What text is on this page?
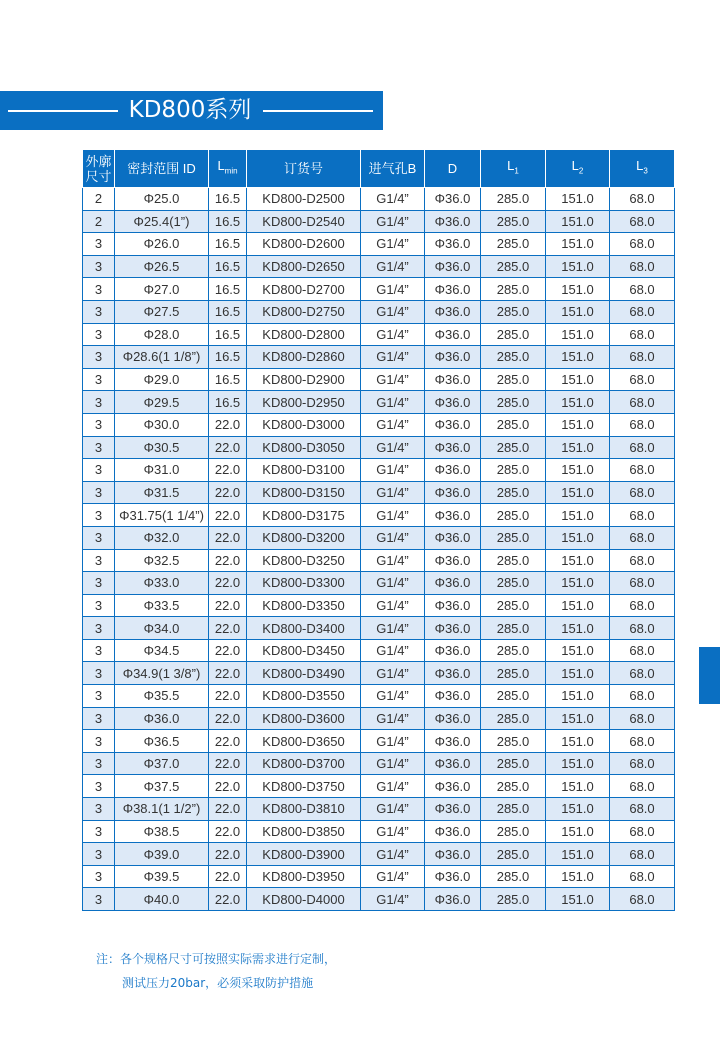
KD800系列
外廓尺寸	密封范围 ID	$L_{min}$	订货号	进气孔B	D	$L_1$	$L_2$	$L_3$
2	Φ25.0	16.5	KD800-D2500	G1/4”	Φ36.0	285.0	151.0	68.0
2	Φ25.4(1”)	16.5	KD800-D2540	G1/4”	Φ36.0	285.0	151.0	68.0
3	Φ26.0	16.5	KD800-D2600	G1/4”	Φ36.0	285.0	151.0	68.0
3	Φ26.5	16.5	KD800-D2650	G1/4”	Φ36.0	285.0	151.0	68.0
3	Φ27.0	16.5	KD800-D2700	G1/4”	Φ36.0	285.0	151.0	68.0
3	Φ27.5	16.5	KD800-D2750	G1/4”	Φ36.0	285.0	151.0	68.0
3	Φ28.0	16.5	KD800-D2800	G1/4”	Φ36.0	285.0	151.0	68.0
3	Φ28.6(1 1/8”)	16.5	KD800-D2860	G1/4”	Φ36.0	285.0	151.0	68.0
3	Φ29.0	16.5	KD800-D2900	G1/4”	Φ36.0	285.0	151.0	68.0
3	Φ29.5	16.5	KD800-D2950	G1/4”	Φ36.0	285.0	151.0	68.0
3	Φ30.0	22.0	KD800-D3000	G1/4”	Φ36.0	285.0	151.0	68.0
3	Φ30.5	22.0	KD800-D3050	G1/4”	Φ36.0	285.0	151.0	68.0
3	Φ31.0	22.0	KD800-D3100	G1/4”	Φ36.0	285.0	151.0	68.0
3	Φ31.5	22.0	KD800-D3150	G1/4”	Φ36.0	285.0	151.0	68.0
3	Φ31.75(1 1/4”)	22.0	KD800-D3175	G1/4”	Φ36.0	285.0	151.0	68.0
3	Φ32.0	22.0	KD800-D3200	G1/4”	Φ36.0	285.0	151.0	68.0
3	Φ32.5	22.0	KD800-D3250	G1/4”	Φ36.0	285.0	151.0	68.0
3	Φ33.0	22.0	KD800-D3300	G1/4”	Φ36.0	285.0	151.0	68.0
3	Φ33.5	22.0	KD800-D3350	G1/4”	Φ36.0	285.0	151.0	68.0
3	Φ34.0	22.0	KD800-D3400	G1/4”	Φ36.0	285.0	151.0	68.0
3	Φ34.5	22.0	KD800-D3450	G1/4”	Φ36.0	285.0	151.0	68.0
3	Φ34.9(1 3/8”)	22.0	KD800-D3490	G1/4”	Φ36.0	285.0	151.0	68.0
3	Φ35.5	22.0	KD800-D3550	G1/4”	Φ36.0	285.0	151.0	68.0
3	Φ36.0	22.0	KD800-D3600	G1/4”	Φ36.0	285.0	151.0	68.0
3	Φ36.5	22.0	KD800-D3650	G1/4”	Φ36.0	285.0	151.0	68.0
3	Φ37.0	22.0	KD800-D3700	G1/4”	Φ36.0	285.0	151.0	68.0
3	Φ37.5	22.0	KD800-D3750	G1/4”	Φ36.0	285.0	151.0	68.0
3	Φ38.1(1 1/2”)	22.0	KD800-D3810	G1/4”	Φ36.0	285.0	151.0	68.0
3	Φ38.5	22.0	KD800-D3850	G1/4”	Φ36.0	285.0	151.0	68.0
3	Φ39.0	22.0	KD800-D3900	G1/4”	Φ36.0	285.0	151.0	68.0
3	Φ39.5	22.0	KD800-D3950	G1/4”	Φ36.0	285.0	151.0	68.0
3	Φ40.0	22.0	KD800-D4000	G1/4”	Φ36.0	285.0	151.0	68.0
注：各个规格尺寸可按照实际需求进行定制，
测试压力20bar，必须采取防护措施
